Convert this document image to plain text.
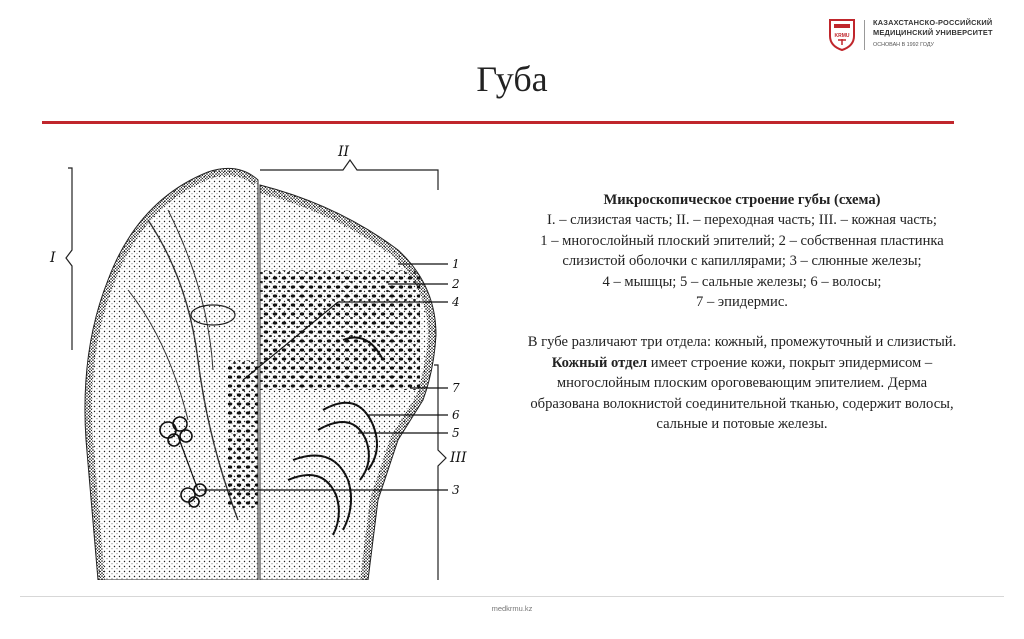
KRMU
КАЗАХСТАНСКО-РОССИЙСКИЙ
МЕДИЦИНСКИЙ УНИВЕРСИТЕТ
ОСНОВАН В 1992 ГОДУ
Губа
I
II
III
1
2
4
7
6
5
3

Микроскопическое строение губы (схема)

I. – слизистая часть; II. – переходная часть; III. – кожная часть;

1 – многослойный плоский эпителий; 2 – собственная пластинка

слизистой оболочки с капиллярами; 3 – слюнные железы;

4 – мышцы; 5 – сальные железы; 6 – волосы;

7 – эпидермис.

В губе различают три отдела: кожный, промежуточный и слизистый.

Кожный отдел имеет строение кожи, покрыт эпидермисом –

многослойным плоским ороговевающим эпителием. Дерма

образована волокнистой соединительной тканью, содержит волосы,

сальные и потовые железы.

medkrmu.kz
